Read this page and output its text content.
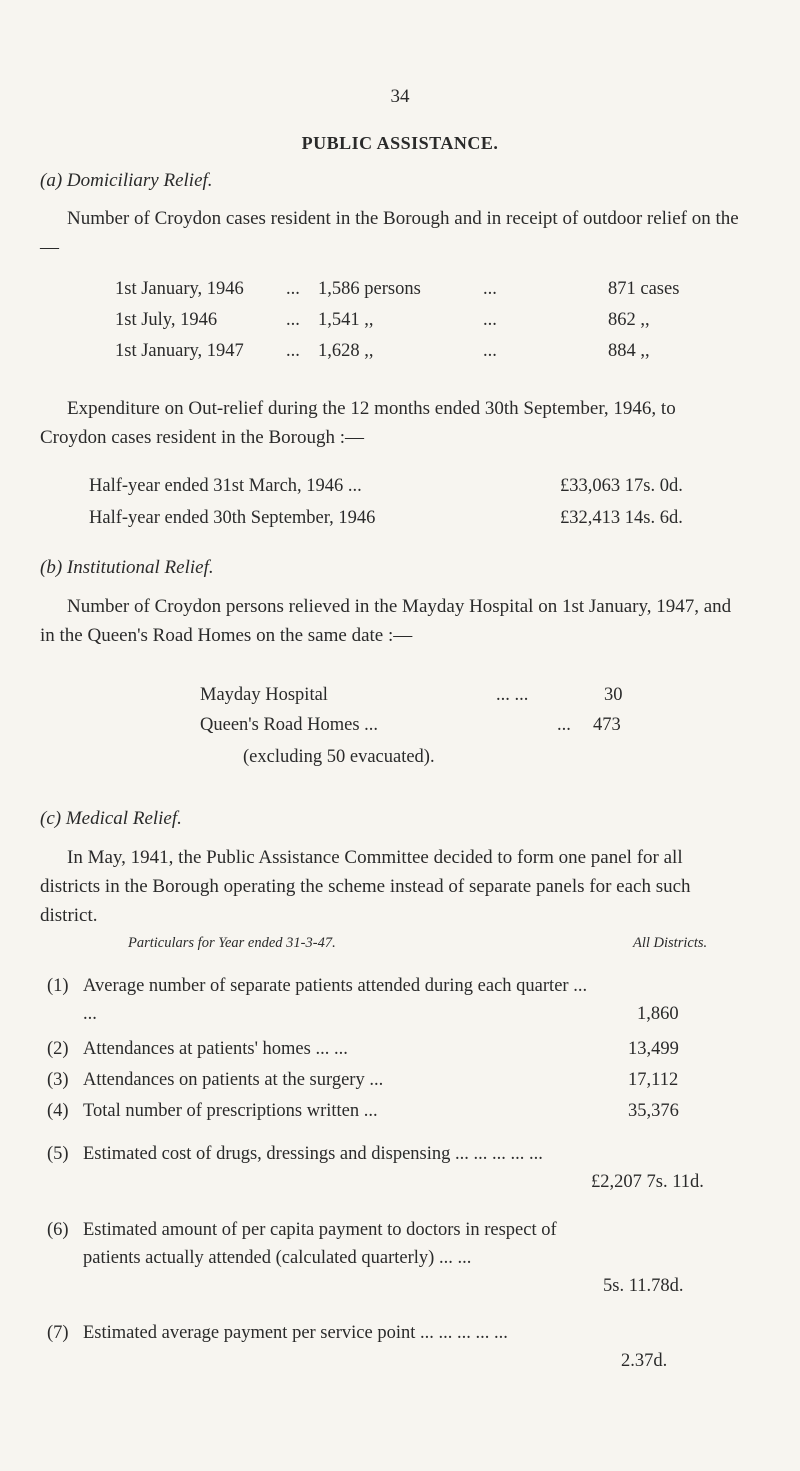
34
PUBLIC ASSISTANCE.
(a) Domiciliary Relief.
Number of Croydon cases resident in the Borough and in receipt of outdoor relief on the—
1st January, 1946 ... 1,586 persons	...	871 cases
1st July, 1946	... 1,541 ,,	...	862 ,,
1st January, 1947 ... 1,628 ,,	...	884 ,,
Expenditure on Out-relief during the 12 months ended 30th September, 1946, to Croydon cases resident in the Borough :—
Half-year ended 31st March, 1946 ...	£33,063 17s. 0d.
Half-year ended 30th September, 1946	£32,413 14s. 6d.
(b) Institutional Relief.
Number of Croydon persons relieved in the Mayday Hospital on 1st January, 1947, and in the Queen's Road Homes on the same date :—
Mayday Hospital	... ...	30
Queen's Road Homes ...	... 473
(excluding 50 evacuated).
(c) Medical Relief.
In May, 1941, the Public Assistance Committee decided to form one panel for all districts in the Borough operating the scheme instead of separate panels for each such district.
Particulars for Year ended 31-3-47.	All Districts.
(1) Average number of separate patients attended during each quarter ... ...	1,860
(2) Attendances at patients' homes ... ...	13,499
(3) Attendances on patients at the surgery ...	17,112
(4) Total number of prescriptions written ...	35,376
(5) Estimated cost of drugs, dressings and dispensing ... ... ... ... ...
£2,207 7s. 11d.
(6) Estimated amount of per capita payment to doctors in respect of patients actually attended (calculated quarterly) ... ...
5s. 11.78d.
(7) Estimated average payment per service point ... ... ... ... ...
2.37d.
